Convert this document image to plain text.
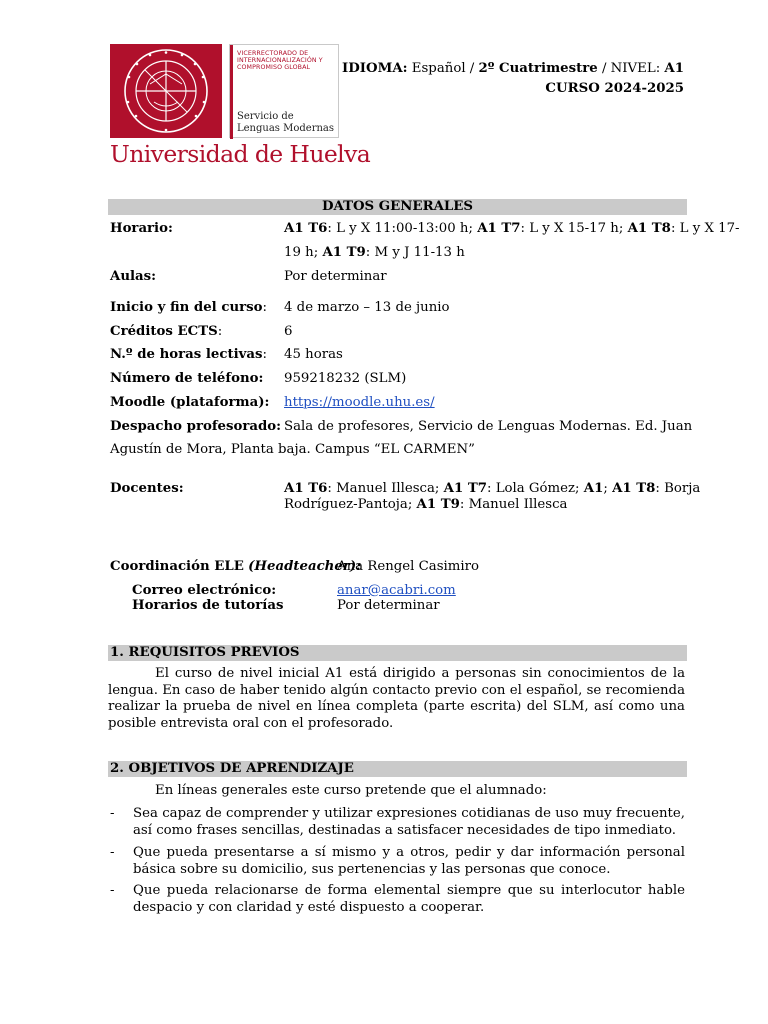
VICERRECTORADO DE INTERNACIONALIZACIÓN Y COMPROMISO GLOBAL
Servicio de Lenguas Modernas
Universidad de Huelva
IDIOMA: Español / 2º Cuatrimestre / NIVEL: A1
CURSO 2024-2025
DATOS GENERALES
Horario:	A1 T6: L y X 11:00-13:00 h; A1 T7: L y X 15-17 h; A1 T8: L y X 17-
19 h; A1 T9: M y J 11-13 h
Aulas:	Por determinar
Inicio y fin del curso: 4 de marzo – 13 de junio
Créditos ECTS:	6
N.º de horas lectivas: 45 horas
Número de teléfono: 959218232 (SLM)
Moodle (plataforma): https://moodle.uhu.es/
Despacho profesorado: Sala de profesores, Servicio de Lenguas Modernas. Ed. Juan
Agustín de Mora, Planta baja. Campus “EL CARMEN”
Docentes:	A1 T6: Manuel Illesca; A1 T7: Lola Gómez; A1; A1 T8: Borja
Rodríguez-Pantoja; A1 T9: Manuel Illesca
Coordinación ELE (Headteacher):
Ana Rengel Casimiro
Correo electrónico:	anar@acabri.com
Horarios de tutorías	Por determinar
1. REQUISITOS PREVIOS
El curso de nivel inicial A1 está dirigido a personas sin conocimientos de la lengua. En caso de haber tenido algún contacto previo con el español, se recomienda realizar la prueba de nivel en línea completa (parte escrita) del SLM, así como una posible entrevista oral con el profesorado.
2. OBJETIVOS DE APRENDIZAJE
En líneas generales este curso pretende que el alumnado:
- Sea capaz de comprender y utilizar expresiones cotidianas de uso muy frecuente, así como frases sencillas, destinadas a satisfacer necesidades de tipo inmediato.
- Que pueda presentarse a sí mismo y a otros, pedir y dar información personal básica sobre su domicilio, sus pertenencias y las personas que conoce.
- Que pueda relacionarse de forma elemental siempre que su interlocutor hable despacio y con claridad y esté dispuesto a cooperar.
